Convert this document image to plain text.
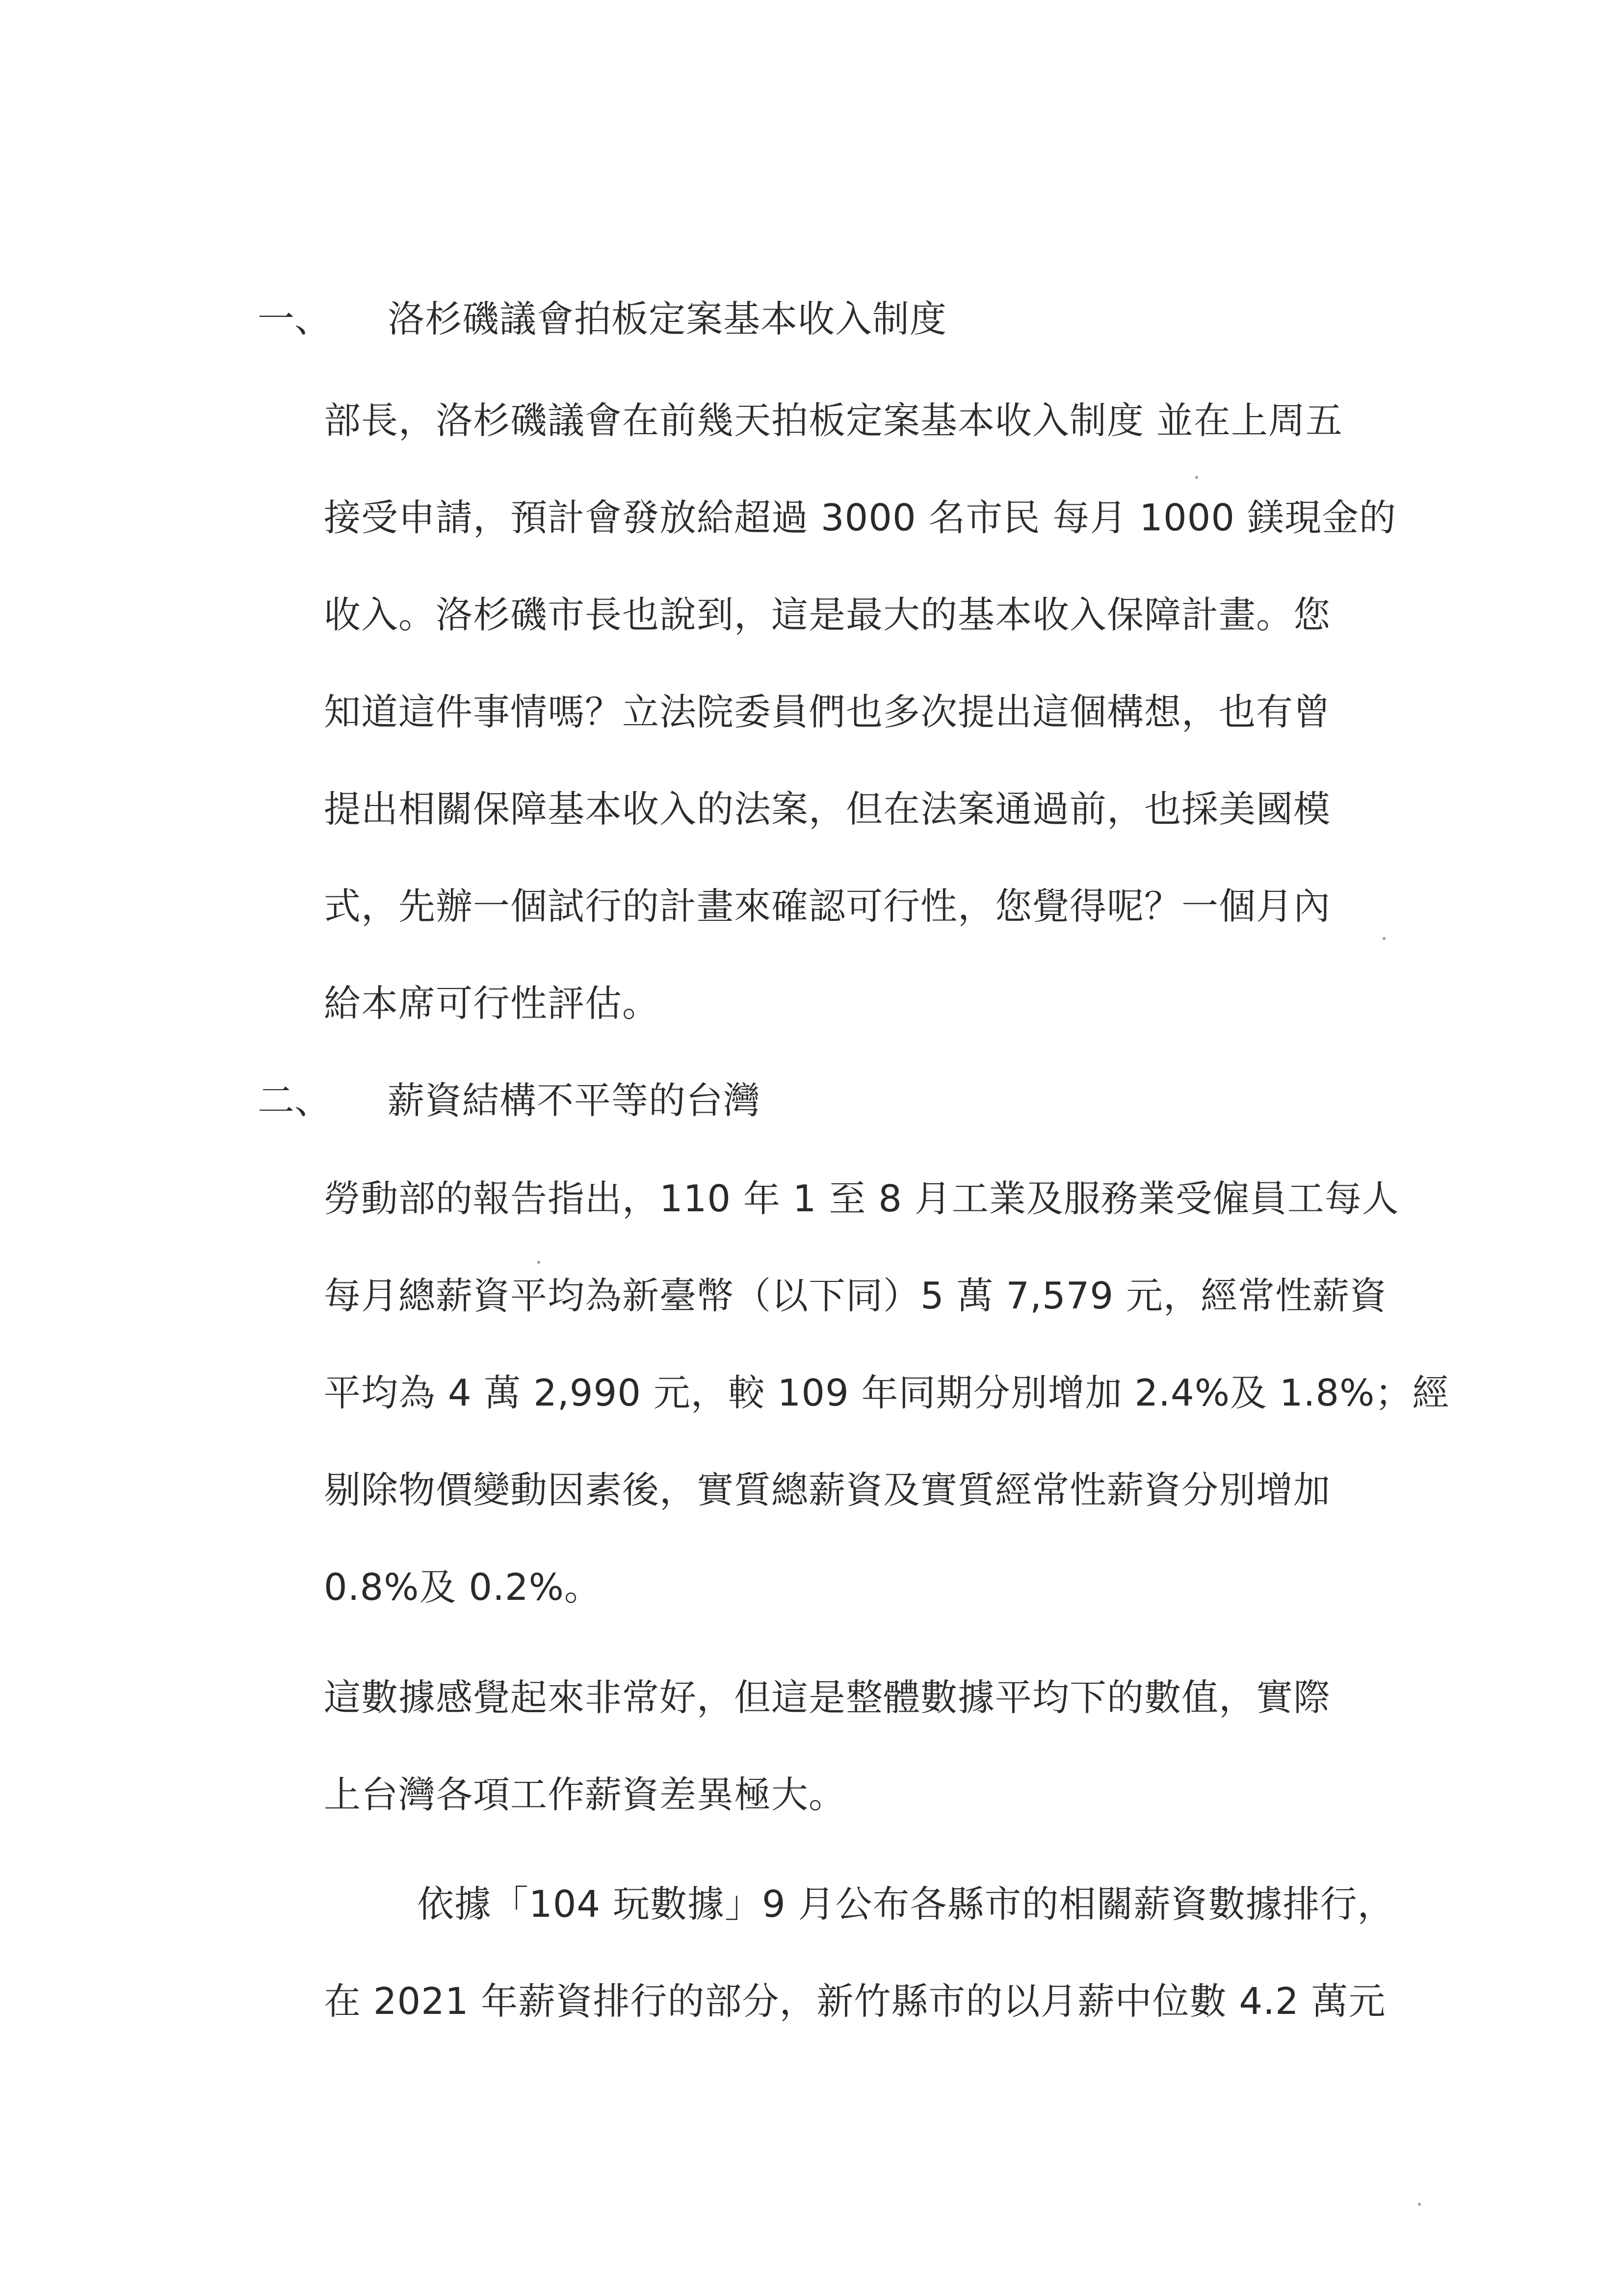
一、 洛杉磯議會拍板定案基本收入制度
部長，洛杉磯議會在前幾天拍板定案基本收入制度 並在上周五
接受申請，預計會發放給超過 3000 名市民 每月 1000 鎂現金的
收入。洛杉磯市長也說到，這是最大的基本收入保障計畫。您
知道這件事情嗎？立法院委員們也多次提出這個構想，也有曾
提出相關保障基本收入的法案，但在法案通過前，也採美國模
式，先辦一個試行的計畫來確認可行性，您覺得呢？一個月內
給本席可行性評估。
二、 薪資結構不平等的台灣
勞動部的報告指出，110 年 1 至 8 月工業及服務業受僱員工每人
每月總薪資平均為新臺幣（以下同）5 萬 7,579 元，經常性薪資
平均為 4 萬 2,990 元，較 109 年同期分別增加 2.4%及 1.8%；經
剔除物價變動因素後，實質總薪資及實質經常性薪資分別增加
0.8%及 0.2%。
這數據感覺起來非常好，但這是整體數據平均下的數值，實際
上台灣各項工作薪資差異極大。
依據「104 玩數據」9 月公布各縣市的相關薪資數據排行，
在 2021 年薪資排行的部分，新竹縣市的以月薪中位數 4.2 萬元
